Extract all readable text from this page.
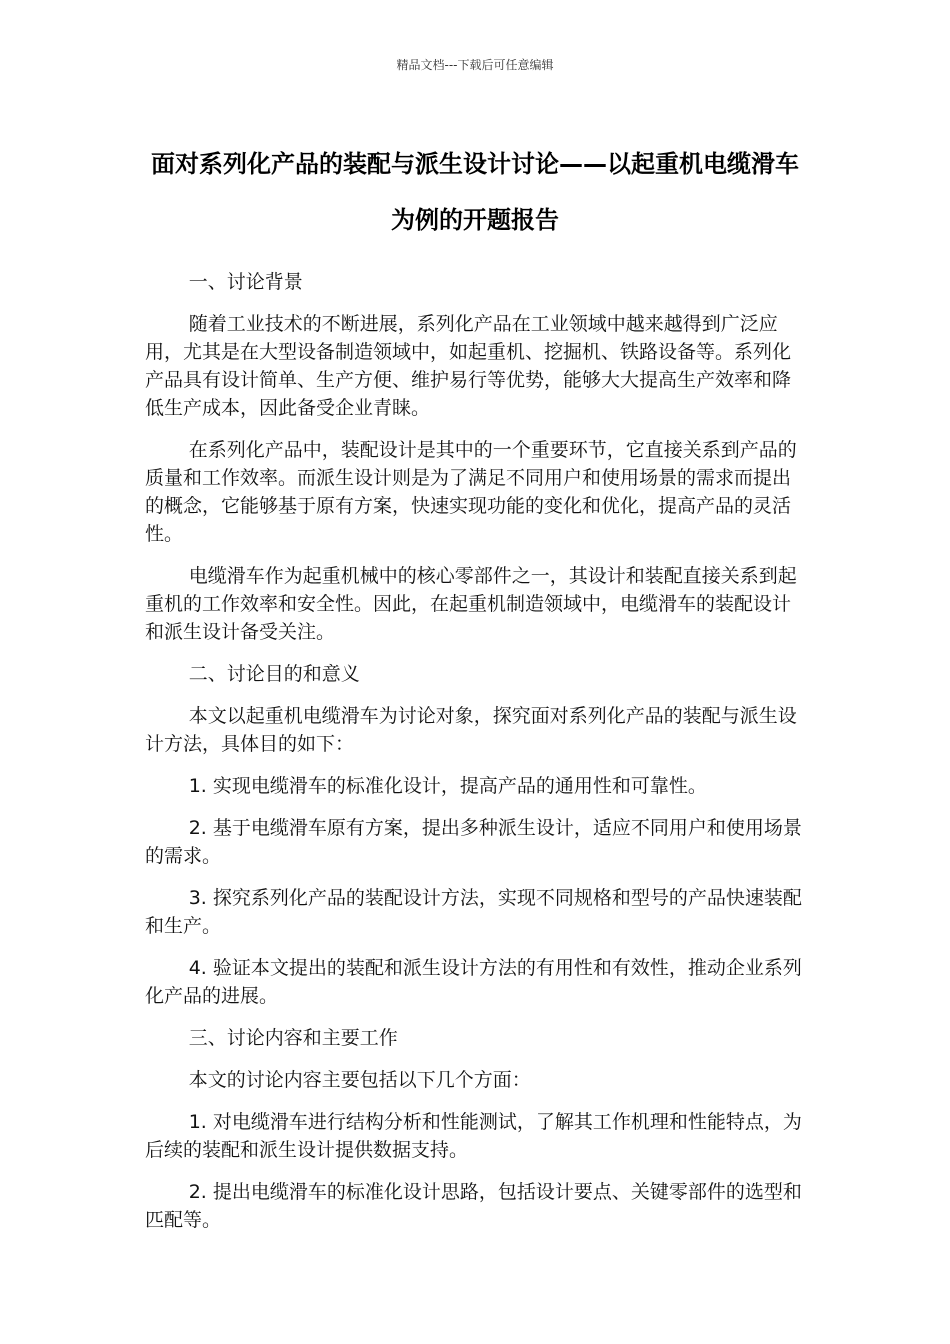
精品文档---下载后可任意编辑
面对系列化产品的装配与派生设计讨论——以起重机电缆滑车为例的开题报告

一、讨论背景

随着工业技术的不断进展，系列化产品在工业领域中越来越得到广泛应用，尤其是在大型设备制造领域中，如起重机、挖掘机、铁路设备等。系列化产品具有设计简单、生产方便、维护易行等优势，能够大大提高生产效率和降低生产成本，因此备受企业青睐。

在系列化产品中，装配设计是其中的一个重要环节，它直接关系到产品的质量和工作效率。而派生设计则是为了满足不同用户和使用场景的需求而提出的概念，它能够基于原有方案，快速实现功能的变化和优化，提高产品的灵活性。

电缆滑车作为起重机械中的核心零部件之一，其设计和装配直接关系到起重机的工作效率和安全性。因此，在起重机制造领域中，电缆滑车的装配设计和派生设计备受关注。

二、讨论目的和意义

本文以起重机电缆滑车为讨论对象，探究面对系列化产品的装配与派生设计方法，具体目的如下：

1. 实现电缆滑车的标准化设计，提高产品的通用性和可靠性。

2. 基于电缆滑车原有方案，提出多种派生设计，适应不同用户和使用场景的需求。

3. 探究系列化产品的装配设计方法，实现不同规格和型号的产品快速装配和生产。

4. 验证本文提出的装配和派生设计方法的有用性和有效性，推动企业系列化产品的进展。

三、讨论内容和主要工作

本文的讨论内容主要包括以下几个方面：

1. 对电缆滑车进行结构分析和性能测试，了解其工作机理和性能特点，为后续的装配和派生设计提供数据支持。

2. 提出电缆滑车的标准化设计思路，包括设计要点、关键零部件的选型和匹配等。
